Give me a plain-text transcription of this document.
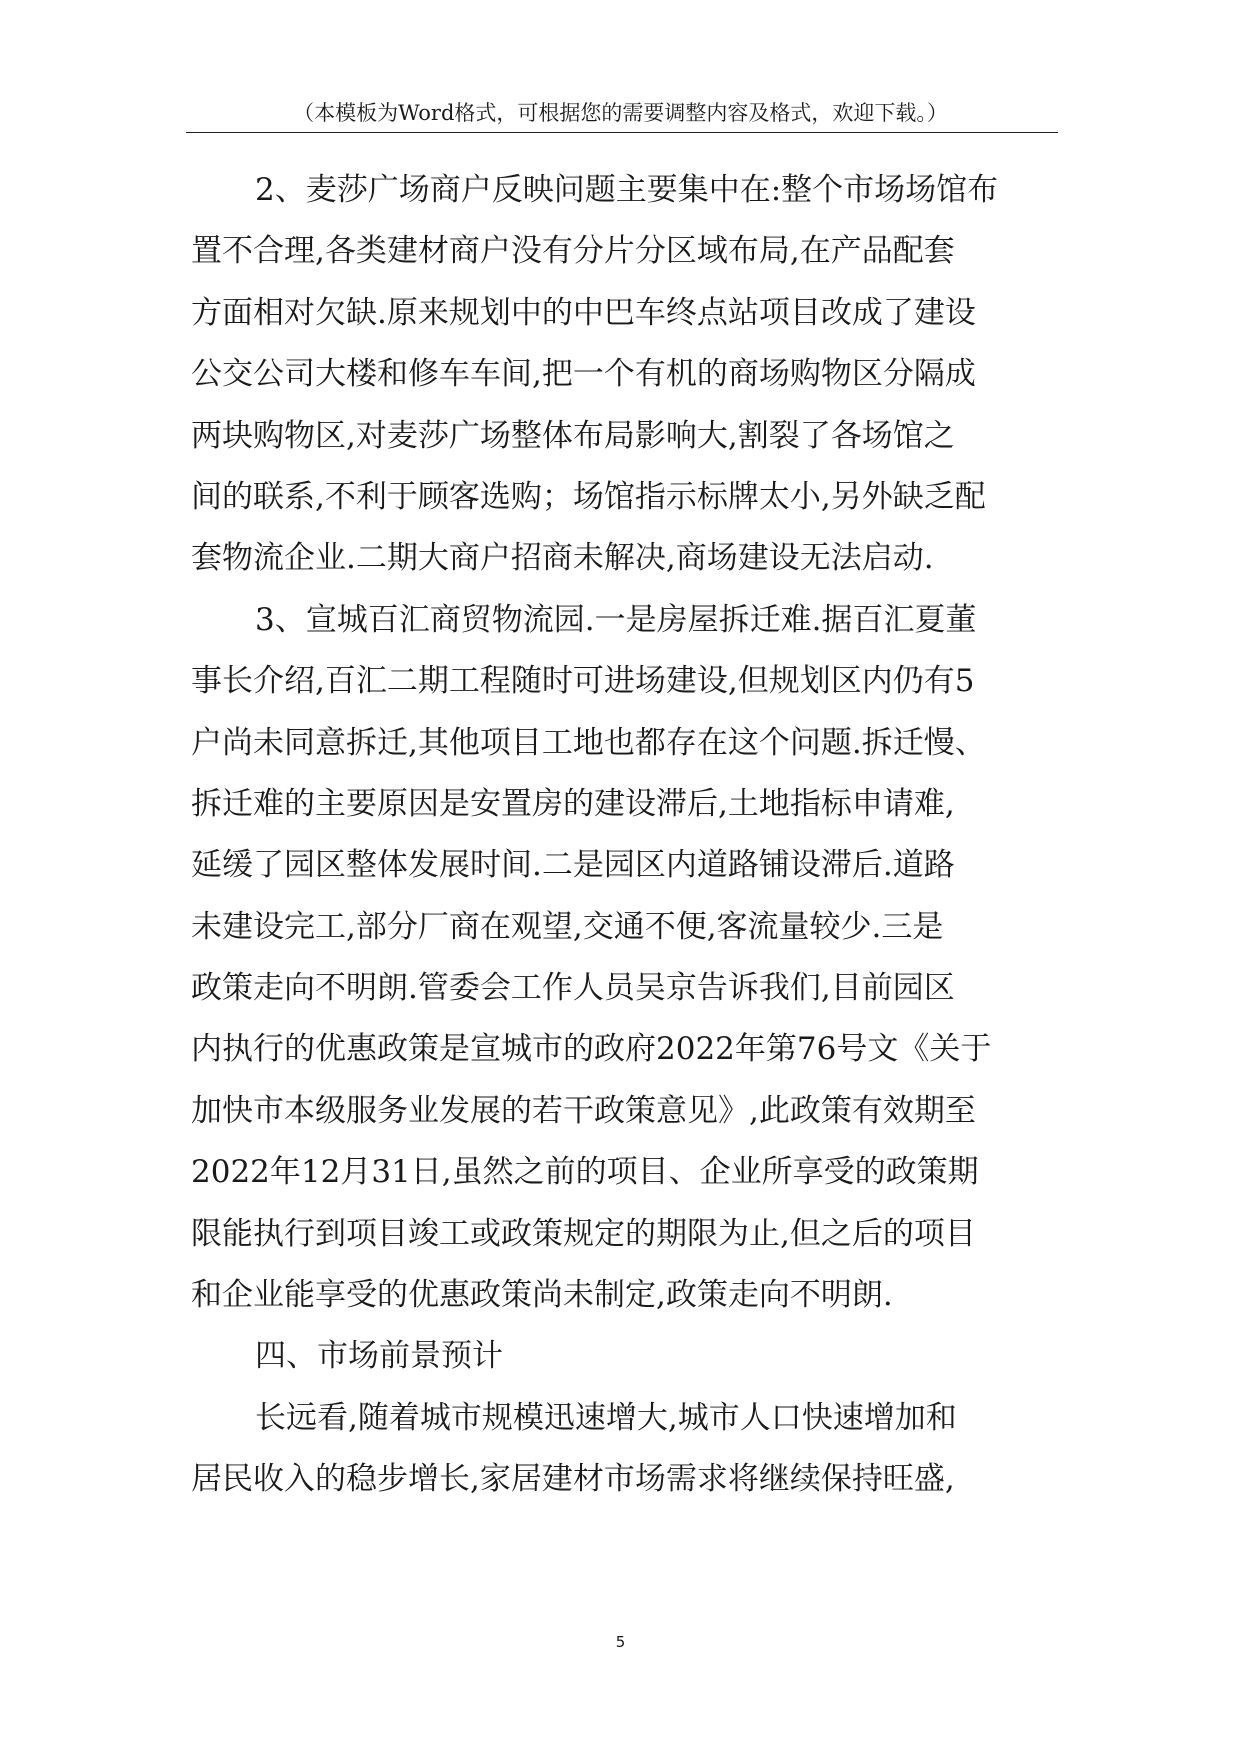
（本模板为Word格式，可根据您的需要调整内容及格式，欢迎下载。）
2、麦莎广场商户反映问题主要集中在:整个市场场馆布
置不合理,各类建材商户没有分片分区域布局,在产品配套
方面相对欠缺.原来规划中的中巴车终点站项目改成了建设
公交公司大楼和修车车间,把一个有机的商场购物区分隔成
两块购物区,对麦莎广场整体布局影响大,割裂了各场馆之
间的联系,不利于顾客选购；场馆指示标牌太小,另外缺乏配
套物流企业.二期大商户招商未解决,商场建设无法启动.
3、宣城百汇商贸物流园.一是房屋拆迁难.据百汇夏董
事长介绍,百汇二期工程随时可进场建设,但规划区内仍有5
户尚未同意拆迁,其他项目工地也都存在这个问题.拆迁慢、
拆迁难的主要原因是安置房的建设滞后,土地指标申请难,
延缓了园区整体发展时间.二是园区内道路铺设滞后.道路
未建设完工,部分厂商在观望,交通不便,客流量较少.三是
政策走向不明朗.管委会工作人员吴京告诉我们,目前园区
内执行的优惠政策是宣城市的政府2022年第76号文《关于
加快市本级服务业发展的若干政策意见》,此政策有效期至
2022年12月31日,虽然之前的项目、企业所享受的政策期
限能执行到项目竣工或政策规定的期限为止,但之后的项目
和企业能享受的优惠政策尚未制定,政策走向不明朗.
四、市场前景预计
长远看,随着城市规模迅速增大,城市人口快速增加和
居民收入的稳步增长,家居建材市场需求将继续保持旺盛,
5
